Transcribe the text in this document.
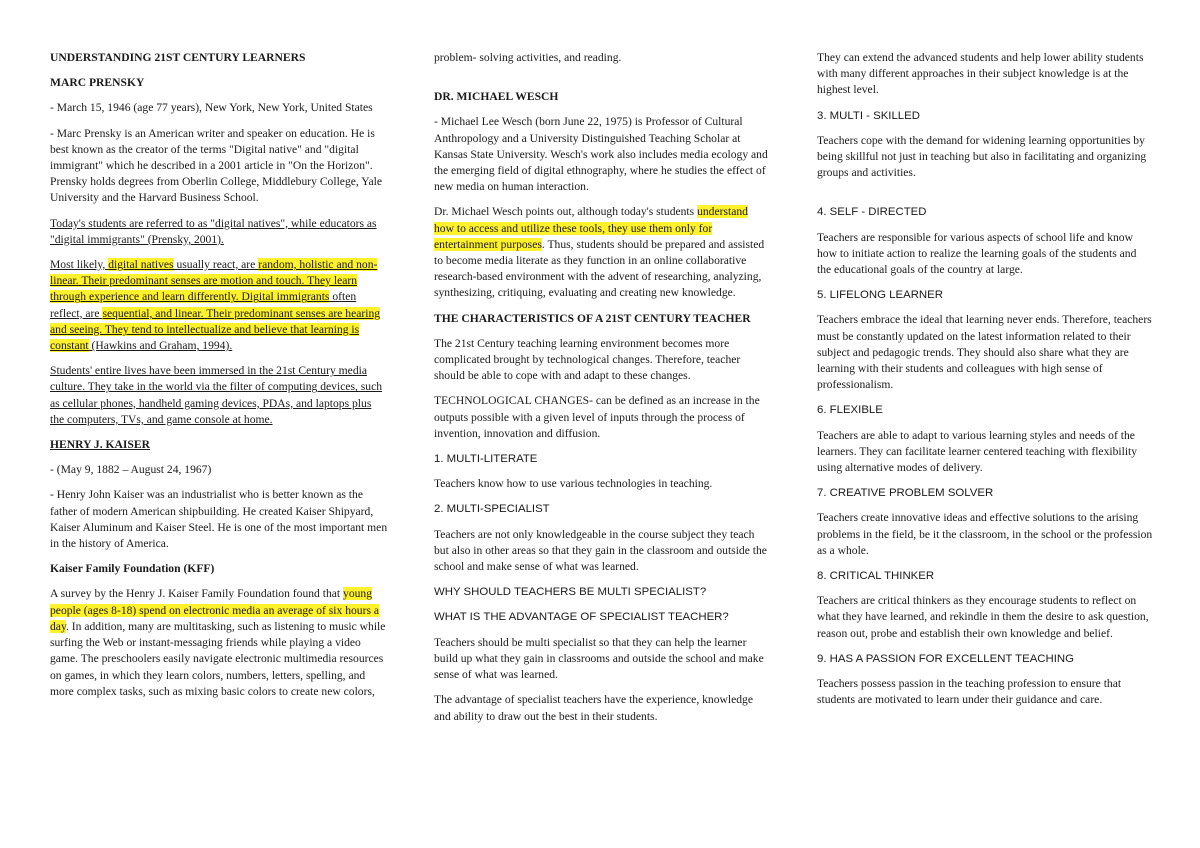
UNDERSTANDING 21ST CENTURY LEARNERS

MARC PRENSKY

- March 15, 1946 (age 77 years), New York, New York, United States

- Marc Prensky is an American writer and speaker on education. He is best known as the creator of the terms "Digital native" and "digital immigrant" which he described in a 2001 article in "On the Horizon". Prensky holds degrees from Oberlin College, Middlebury College, Yale University and the Harvard Business School.

Today's students are referred to as "digital natives", while educators as "digital immigrants" (Prensky, 2001).

Most likely, digital natives usually react, are random, holistic and non-linear. Their predominant senses are motion and touch. They learn through experience and learn differently. Digital immigrants often reflect, are sequential, and linear. Their predominant senses are hearing and seeing. They tend to intellectualize and believe that learning is constant (Hawkins and Graham, 1994).

Students' entire lives have been immersed in the 21st Century media culture. They take in the world via the filter of computing devices, such as cellular phones, handheld gaming devices, PDAs, and laptops plus the computers, TVs, and game console at home.

HENRY J. KAISER

- (May 9, 1882 – August 24, 1967)

- Henry John Kaiser was an industrialist who is better known as the father of modern American shipbuilding. He created Kaiser Shipyard, Kaiser Aluminum and Kaiser Steel. He is one of the most important men in the history of America.

Kaiser Family Foundation (KFF)

A survey by the Henry J. Kaiser Family Foundation found that young people (ages 8-18) spend on electronic media an average of six hours a day. In addition, many are multitasking, such as listening to music while surfing the Web or instant-messaging friends while playing a video game. The preschoolers easily navigate electronic multimedia resources on games, in which they learn colors, numbers, letters, spelling, and more complex tasks, such as mixing basic colors to create new colors,

problem- solving activities, and reading.

DR. MICHAEL WESCH

- Michael Lee Wesch (born June 22, 1975) is Professor of Cultural Anthropology and a University Distinguished Teaching Scholar at Kansas State University. Wesch's work also includes media ecology and the emerging field of digital ethnography, where he studies the effect of new media on human interaction.

Dr. Michael Wesch points out, although today's students understand how to access and utilize these tools, they use them only for entertainment purposes. Thus, students should be prepared and assisted to become media literate as they function in an online collaborative research-based environment with the advent of researching, analyzing, synthesizing, critiquing, evaluating and creating new knowledge.

THE CHARACTERISTICS OF A 21ST CENTURY TEACHER

The 21st Century teaching learning environment becomes more complicated brought by technological changes. Therefore, teacher should be able to cope with and adapt to these changes.

TECHNOLOGICAL CHANGES- can be defined as an increase in the outputs possible with a given level of inputs through the process of invention, innovation and diffusion.

1. MULTI-LITERATE

Teachers know how to use various technologies in teaching.

2. MULTI-SPECIALIST

Teachers are not only knowledgeable in the course subject they teach but also in other areas so that they gain in the classroom and outside the school and make sense of what was learned.

WHY SHOULD TEACHERS BE MULTI SPECIALIST?

WHAT IS THE ADVANTAGE OF SPECIALIST TEACHER?

Teachers should be multi specialist so that they can help the learner build up what they gain in classrooms and outside the school and make sense of what was learned.

The advantage of specialist teachers have the experience, knowledge and ability to draw out the best in their students.

They can extend the advanced students and help lower ability students with many different approaches in their subject knowledge is at the highest level.

3. MULTI - SKILLED

Teachers cope with the demand for widening learning opportunities by being skillful not just in teaching but also in facilitating and organizing groups and activities.

4. SELF - DIRECTED

Teachers are responsible for various aspects of school life and know how to initiate action to realize the learning goals of the students and the educational goals of the country at large.

5. LIFELONG LEARNER

Teachers embrace the ideal that learning never ends. Therefore, teachers must be constantly updated on the latest information related to their subject and pedagogic trends. They should also share what they are learning with their students and colleagues with high sense of professionalism.

6. FLEXIBLE

Teachers are able to adapt to various learning styles and needs of the learners. They can facilitate learner centered teaching with flexibility using alternative modes of delivery.

7. CREATIVE PROBLEM SOLVER

Teachers create innovative ideas and effective solutions to the arising problems in the field, be it the classroom, in the school or the profession as a whole.

8. CRITICAL THINKER

Teachers are critical thinkers as they encourage students to reflect on what they have learned, and rekindle in them the desire to ask question, reason out, probe and establish their own knowledge and belief.

9. HAS A PASSION FOR EXCELLENT TEACHING

Teachers possess passion in the teaching profession to ensure that students are motivated to learn under their guidance and care.
